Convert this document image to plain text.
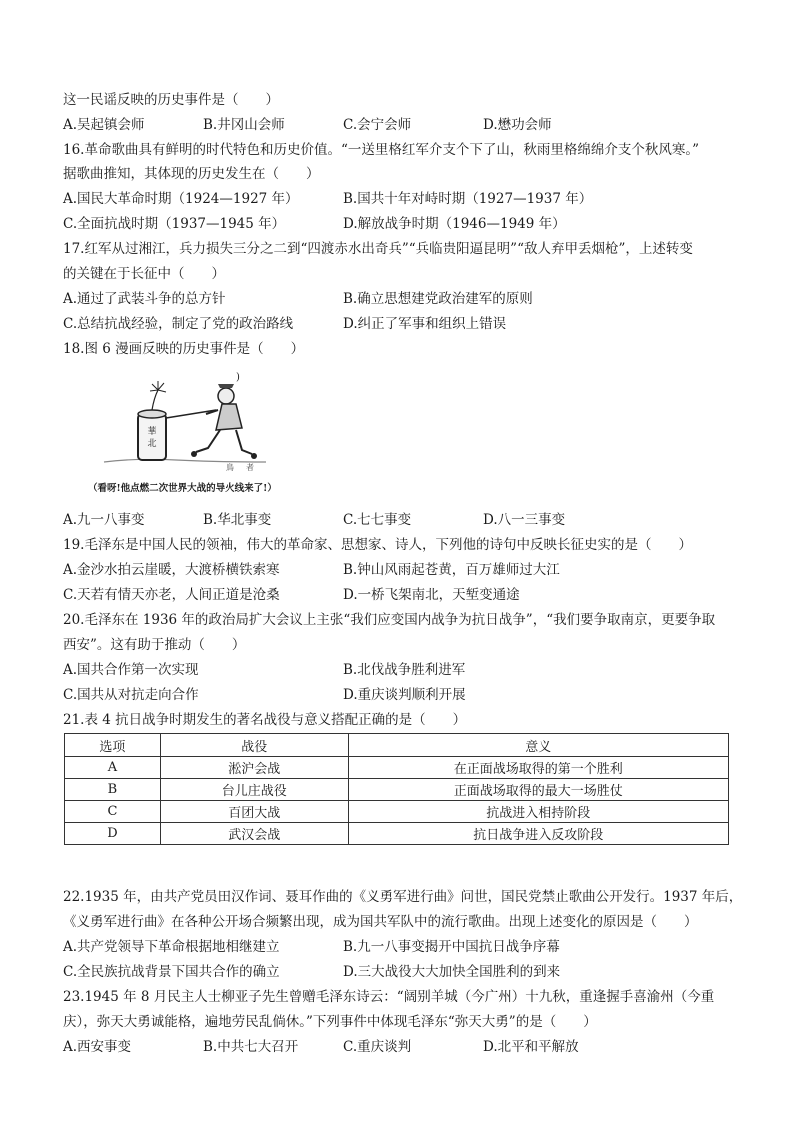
这一民谣反映的历史事件是（　　）
A.吴起镇会师	B.井冈山会师	C.会宁会师	D.懋功会师
16.革命歌曲具有鲜明的时代特色和历史价值。“一送里格红军介支个下了山，秋雨里格绵绵介支个秋风寒。”
据歌曲推知，其体现的历史发生在（　　）
A.国民大革命时期（1924—1927 年）	B.国共十年对峙时期（1927—1937 年）
C.全面抗战时期（1937—1945 年）	D.解放战争时期（1946—1949 年）
17.红军从过湘江，兵力损失三分之二到“四渡赤水出奇兵”“兵临贵阳逼昆明”“敌人弃甲丢烟枪”，上述转变
的关键在于长征中（　　）
A.通过了武装斗争的总方针	B.确立思想建党政治建军的原则
C.总结抗战经验，制定了党的政治路线	D.纠正了军事和组织上错误
18.图 6 漫画反映的历史事件是（　　）
華
北
者
鳥
)
（看呀!他点燃二次世界大战的导火线来了!）
A.九一八事变	B.华北事变	C.七七事变	D.八一三事变
19.毛泽东是中国人民的领袖，伟大的革命家、思想家、诗人，下列他的诗句中反映长征史实的是（　　）
A.金沙水拍云崖暖，大渡桥横铁索寒	B.钟山风雨起苍黄，百万雄师过大江
C.天若有情天亦老，人间正道是沧桑	D.一桥飞架南北，天堑变通途
20.毛泽东在 1936 年的政治局扩大会议上主张“我们应变国内战争为抗日战争”，“我们要争取南京，更要争取
西安”。这有助于推动（　　）
A.国共合作第一次实现	B.北伐战争胜利进军
C.国共从对抗走向合作	D.重庆谈判顺利开展
21.表 4 抗日战争时期发生的著名战役与意义搭配正确的是（　　）
选项	战役	意义
A	淞沪会战	在正面战场取得的第一个胜利
B	台儿庄战役	正面战场取得的最大一场胜仗
C	百团大战	抗战进入相持阶段
D	武汉会战	抗日战争进入反攻阶段
22.1935 年，由共产党员田汉作词、聂耳作曲的《义勇军进行曲》问世，国民党禁止歌曲公开发行。1937 年后，
《义勇军进行曲》在各种公开场合频繁出现，成为国共军队中的流行歌曲。出现上述变化的原因是（　　）
A.共产党领导下革命根据地相继建立	B.九一八事变揭开中国抗日战争序幕
C.全民族抗战背景下国共合作的确立	D.三大战役大大加快全国胜利的到来
23.1945 年 8 月民主人士柳亚子先生曾赠毛泽东诗云：“阔别羊城（今广州）十九秋，重逢握手喜渝州（今重
庆），弥天大勇诚能格，遍地劳民乱倘休。”下列事件中体现毛泽东“弥天大勇”的是（　　）
A.西安事变	B.中共七大召开	C.重庆谈判	D.北平和平解放
